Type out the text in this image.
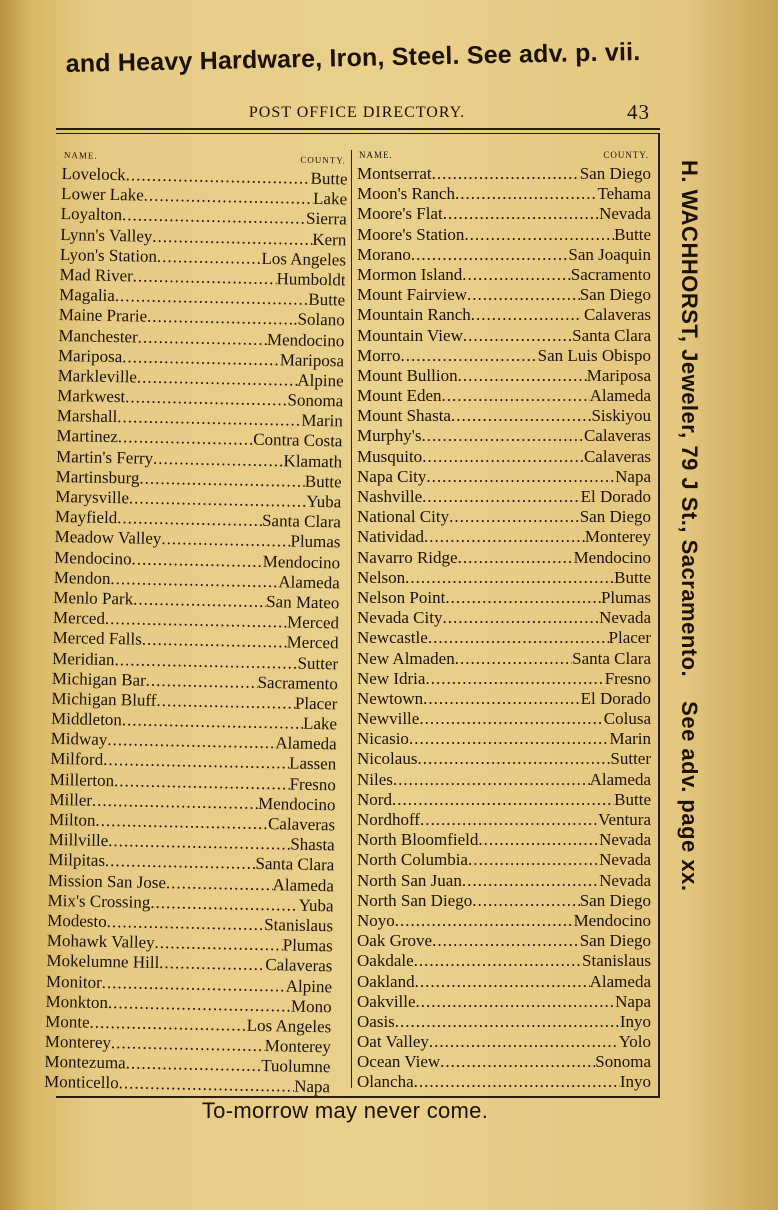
and Heavy Hardware, Iron, Steel. See adv. p. vii.
POST OFFICE DIRECTORY.	43
NAME.	COUNTY.
Lovelock .....	Butte
Lower Lake .....	Lake
Loyalton .....	Sierra
Lynn's Valley .....	Kern
Lyon's Station .....	Los Angeles
Mad River .....	Humboldt
Magalia .....	Butte
Maine Prarie .....	.Solano
Manchester .....	Mendocino
Mariposa .....	Mariposa
Markleville .....	Alpine
Markwest .....	Sonoma
Marshall .....	Marin
Martinez .....	Contra Costa
Martin's Ferry .....	Klamath
Martinsburg .....	Butte
Marysville .....	Yuba
Mayfield .....	Santa Clara
Meadow Valley .....	Plumas
Mendocino .....	Mendocino
Mendon .....	Alameda
Menlo Park .....	San Mateo
Merced .....	Merced
Merced Falls .....	Merced
Meridian .....	Sutter
Michigan Bar .....	Sacramento
Michigan Bluff .....	Placer
Middleton .....	Lake
Midway .....	Alameda
Milford .....	Lassen
Millerton .....	Fresno
Miller .....	Mendocino
Milton .....	Calaveras
Millville .....	Shasta
Milpitas .....	Santa Clara
Mission San Jose .....	Alameda
Mix's Crossing .....	Yuba
Modesto .....	Stanislaus
Mohawk Valley .....	Plumas
Mokelumne Hill .....	Calaveras
Monitor .....	Alpine
Monkton .....	Mono
Monte .....	Los Angeles
Monterey .....	Monterey
Montezuma .....	Tuolumne
Monticello .....	Napa
NAME.	COUNTY.
Montserrat .....	San Diego
Moon's Ranch .....	Tehama
Moore's Flat .....	Nevada
Moore's Station .....	Butte
Morano .....	San Joaquin
Mormon Island .....	Sacramento
Mount Fairview .....	San Diego
Mountain Ranch .....	. Calaveras
Mountain View .....	.Santa Clara
Morro .....	San Luis Obispo
Mount Bullion .....	Mariposa
Mount Eden .....	Alameda
Mount Shasta .....	Siskiyou
Murphy's .....	Calaveras
Musquito .....	Calaveras
Napa City .....	Napa
Nashville .....	El Dorado
National City .....	San Diego
Natividad .....	Monterey
Navarro Ridge .....	Mendocino
Nelson .....	Butte
Nelson Point .....	Plumas
Nevada City .....	Nevada
Newcastle .....	Placer
New Almaden .....	Santa Clara
New Idria .....	Fresno
Newtown .....	El Dorado
Newville .....	Colusa
Nicasio .....	Marin
Nicolaus .....	Sutter
Niles .....	Alameda
Nord .....	Butte
Nordhoff .....	Ventura
North Bloomfield .....	Nevada
North Columbia .....	Nevada
North San Juan .....	Nevada
North San Diego .....	San Diego
Noyo .....	Mendocino
Oak Grove .....	San Diego
Oakdale .....	Stanislaus
Oakland .....	Alameda
Oakville .....	Napa
Oasis .....	Inyo
Oat Valley .....	Yolo
Ocean View .....	Sonoma
Olancha .....	Inyo
H. WACHHORST, Jeweler, 79 J St., Sacramento.See adv. page xx.
To-morrow may never come.
